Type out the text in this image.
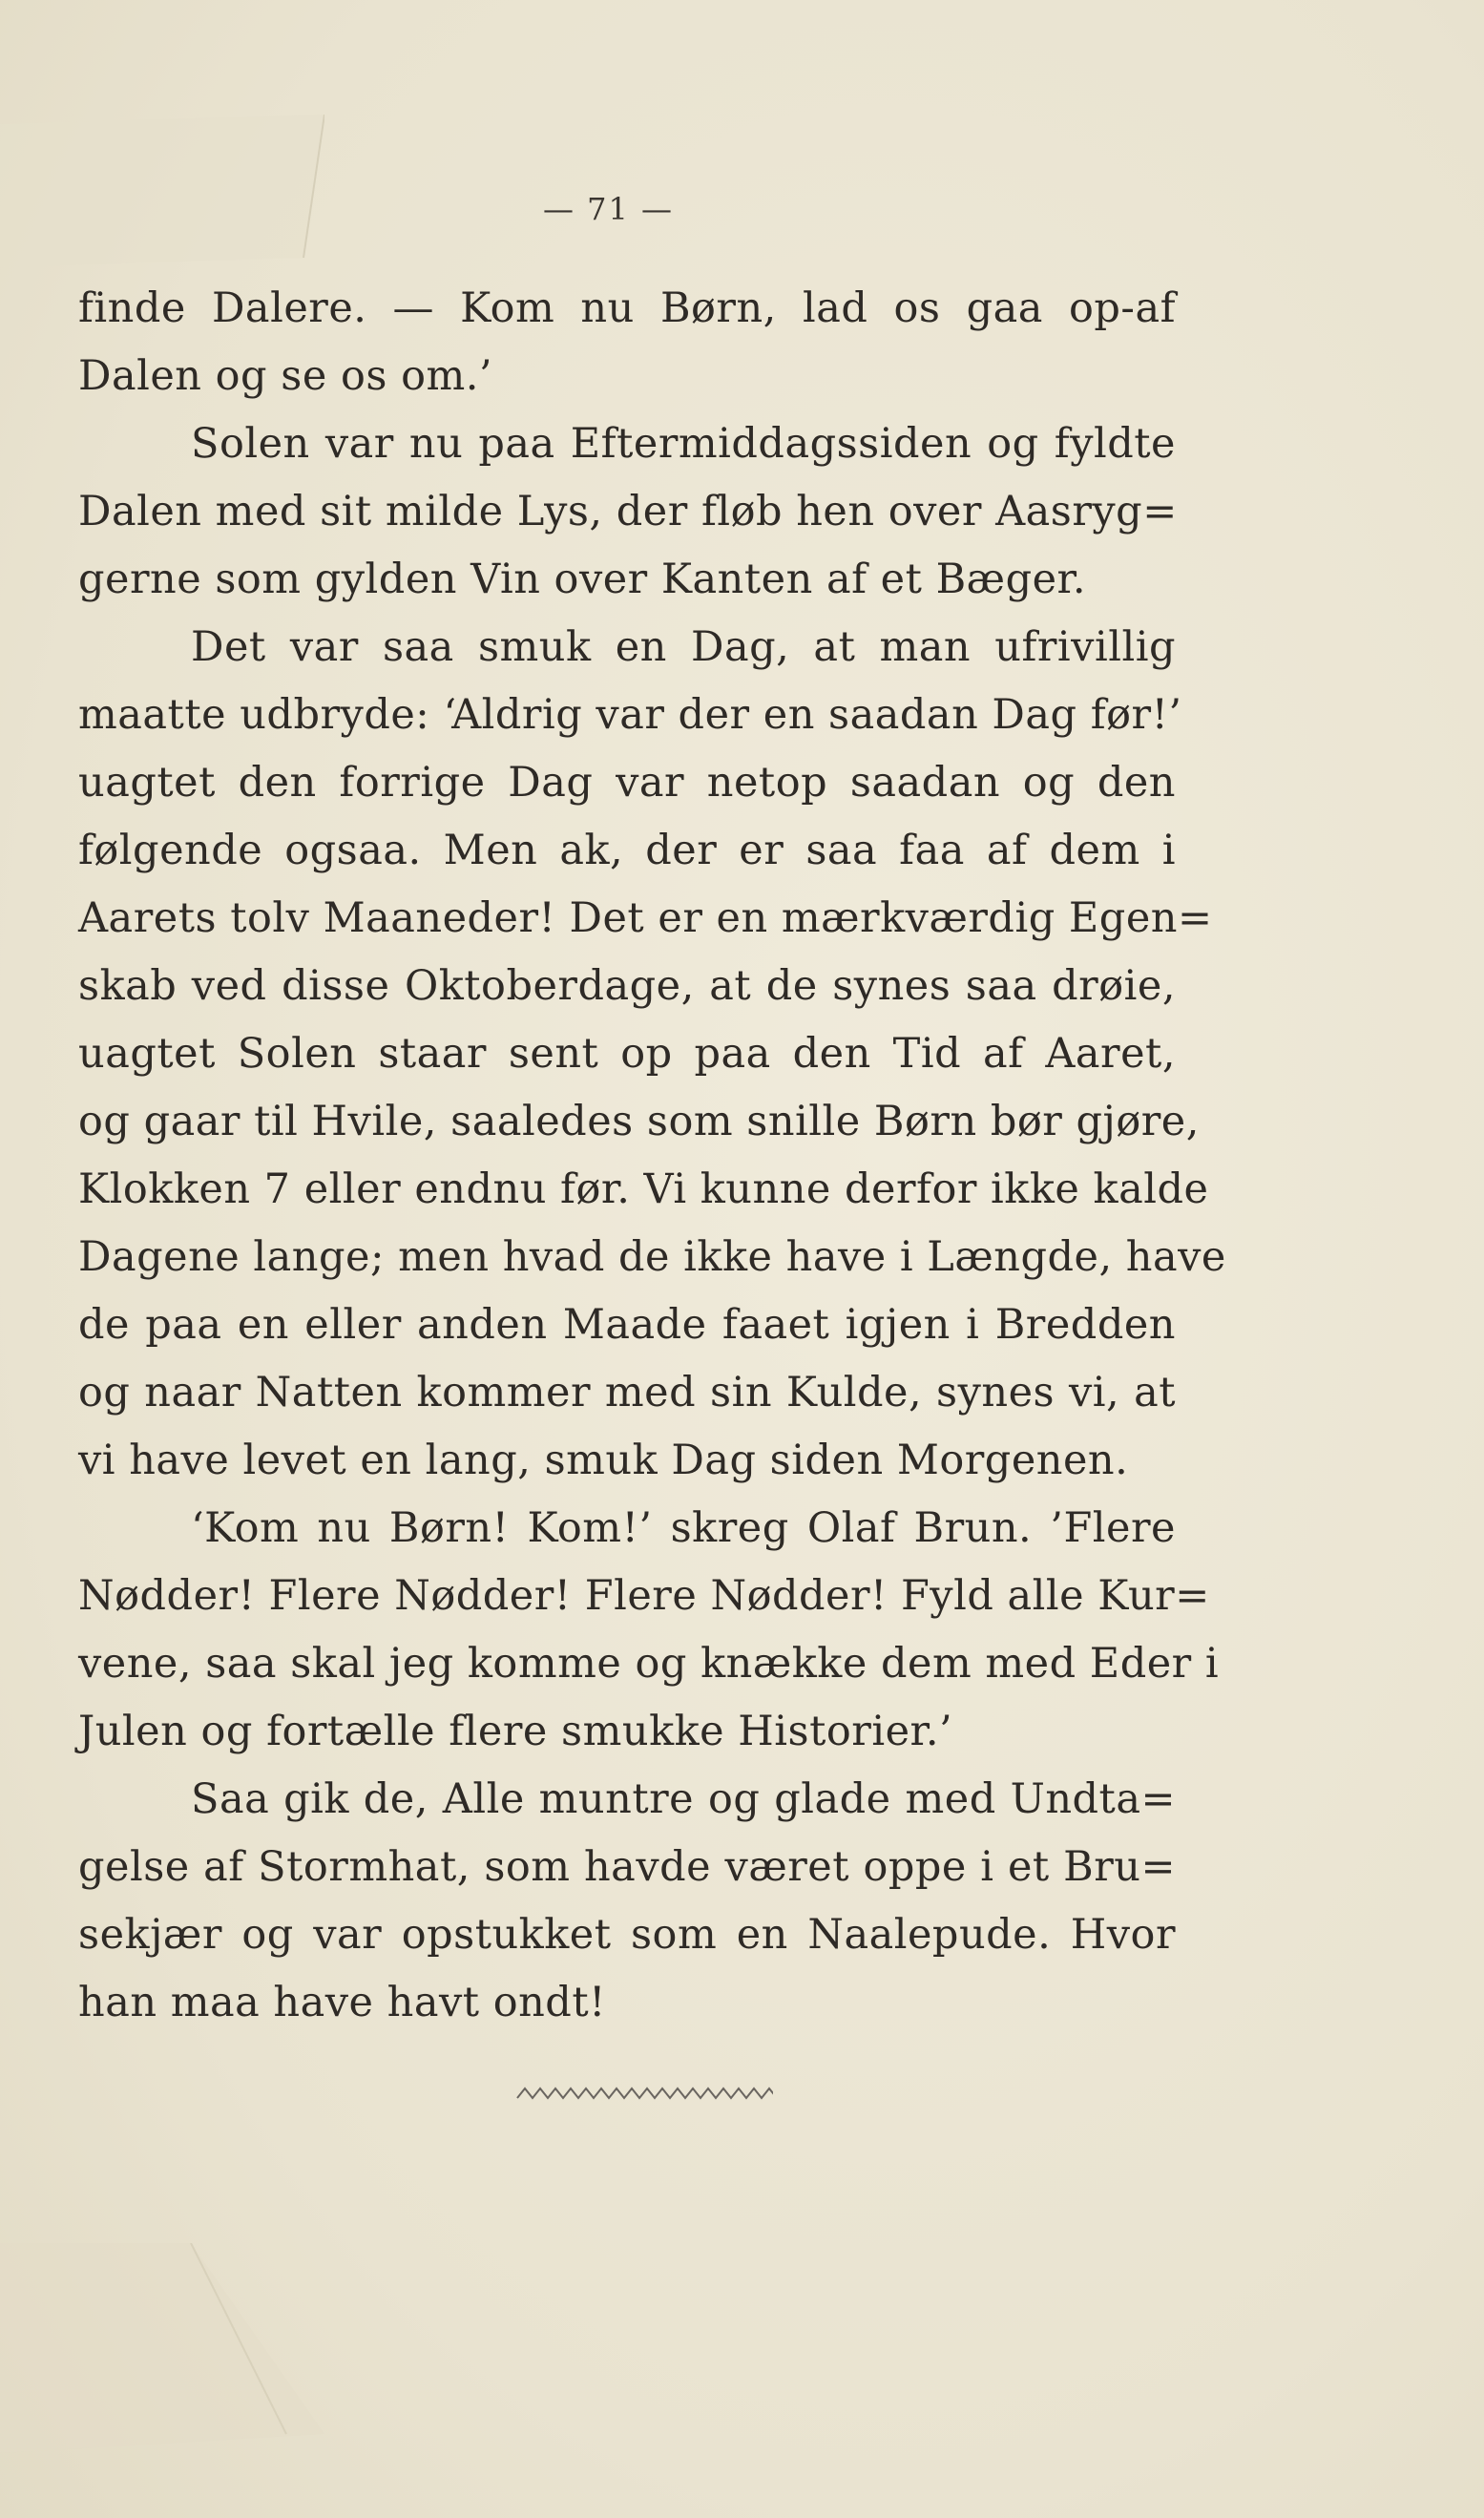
— 71 —
finde Dalere. — Kom nu Børn, lad os gaa op-af
Dalen og se os om.’
Solen var nu paa Eftermiddagssiden og fyldte
Dalen med sit milde Lys, der fløb hen over Aasryg=
gerne som gylden Vin over Kanten af et Bæger.
Det var saa smuk en Dag, at man ufrivillig
maatte udbryde: ‘Aldrig var der en saadan Dag før!’
uagtet den forrige Dag var netop saadan og den
følgende ogsaa. Men ak, der er saa faa af dem i
Aarets tolv Maaneder! Det er en mærkværdig Egen=
skab ved disse Oktoberdage, at de synes saa drøie,
uagtet Solen staar sent op paa den Tid af Aaret,
og gaar til Hvile, saaledes som snille Børn bør gjøre,
Klokken 7 eller endnu før. Vi kunne derfor ikke kalde
Dagene lange; men hvad de ikke have i Længde, have
de paa en eller anden Maade faaet igjen i Bredden
og naar Natten kommer med sin Kulde, synes vi, at
vi have levet en lang, smuk Dag siden Morgenen.
‘Kom nu Børn! Kom!’ skreg Olaf Brun. ’Flere
Nødder! Flere Nødder! Flere Nødder! Fyld alle Kur=
vene, saa skal jeg komme og knække dem med Eder i
Julen og fortælle flere smukke Historier.’
Saa gik de, Alle muntre og glade med Undta=
gelse af Stormhat, som havde været oppe i et Bru=
sekjær og var opstukket som en Naalepude. Hvor
han maa have havt ondt!
